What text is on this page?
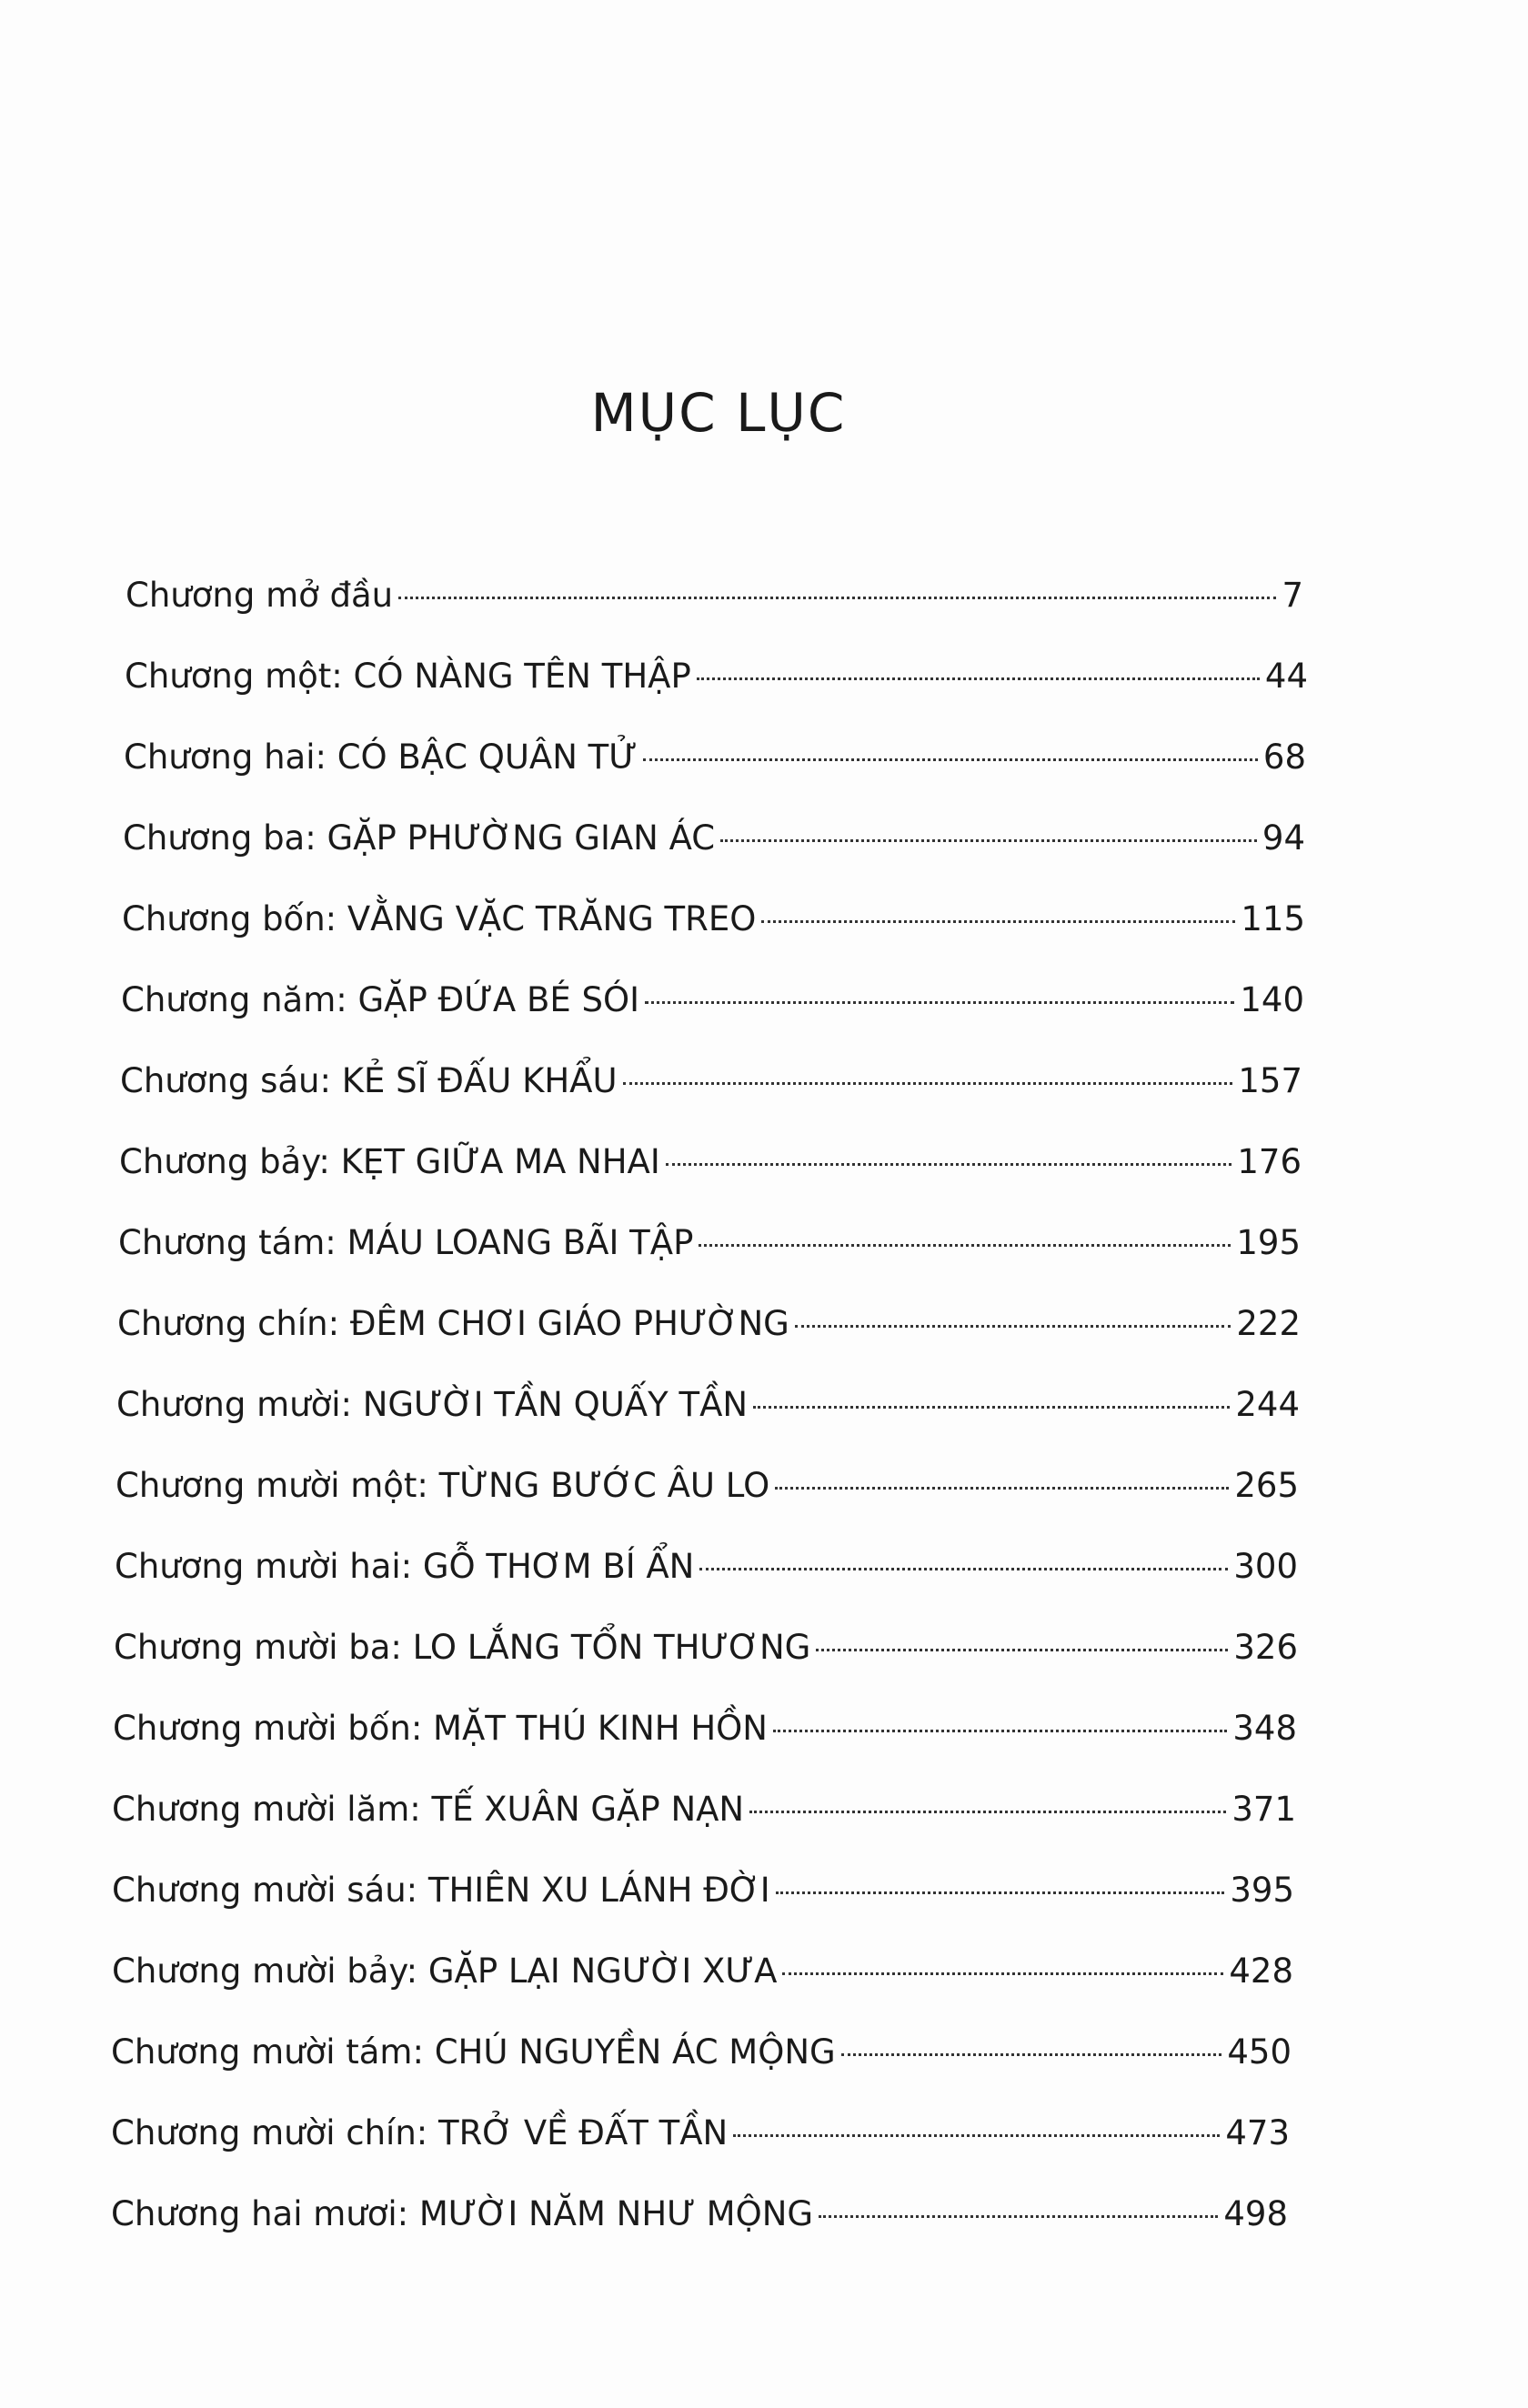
MỤC LỤC
Chương mở đầu	7
Chương một: CÓ NÀNG TÊN THẬP	44
Chương hai: CÓ BẬC QUÂN TỬ	68
Chương ba: GẶP PHƯỜNG GIAN ÁC	94
Chương bốn: VẰNG VẶC TRĂNG TREO	115
Chương năm: GẶP ĐỨA BÉ SÓI	140
Chương sáu: KẺ SĨ ĐẤU KHẨU	157
Chương bảy: KẸT GIỮA MA NHAI	176
Chương tám: MÁU LOANG BÃI TẬP	195
Chương chín: ĐÊM CHƠI GIÁO PHƯỜNG	222
Chương mười: NGƯỜI TẦN QUẤY TẦN	244
Chương mười một: TỪNG BƯỚC ÂU LO	265
Chương mười hai: GỖ THƠM BÍ ẨN	300
Chương mười ba: LO LẮNG TỔN THƯƠNG	326
Chương mười bốn: MẶT THÚ KINH HỒN	348
Chương mười lăm: TẾ XUÂN GẶP NẠN	371
Chương mười sáu: THIÊN XU LÁNH ĐỜI	395
Chương mười bảy: GẶP LẠI NGƯỜI XƯA	428
Chương mười tám: CHÚ NGUYỀN ÁC MỘNG	450
Chương mười chín: TRỞ VỀ ĐẤT TẦN	473
Chương hai mươi: MƯỜI NĂM NHƯ MỘNG	498
